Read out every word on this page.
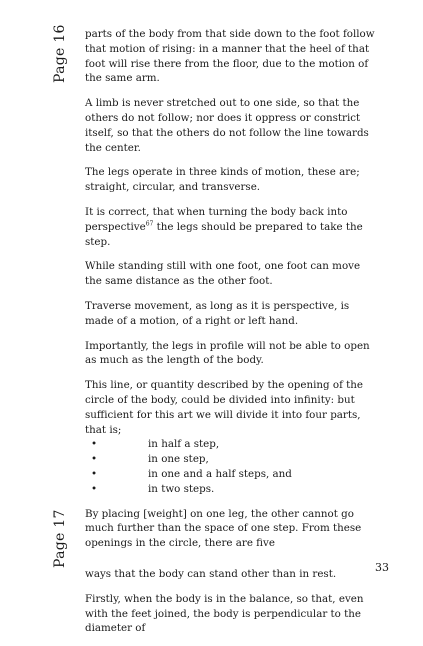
Page 16
Page 17

parts of the body from that side down to the foot follow that motion of rising: in a manner that the heel of that foot will rise there from the floor, due to the motion of the same arm.

A limb is never stretched out to one side, so that the others do not follow; nor does it oppress or constrict itself, so that the others do not follow the line towards the center.

The legs operate in three kinds of motion, these are; straight, circular, and transverse.

It is correct, that when turning the body back into perspective$^{67}$ the legs should be prepared to take the step.

While standing still with one foot, one foot can move the same distance as the other foot.

Traverse movement, as long as it is perspective, is made of a motion, of a right or left hand.

Importantly, the legs in profile will not be able to open as much as the length of the body.

This line, or quantity described by the opening of the circle of the body, could be divided into infinity: but sufficient for this art we will divide it into four parts, that is;

• in half a step,
• in one step,
• in one and a half steps, and
• in two steps.

By placing [weight] on one leg, the other cannot go much further than the space of one step. From these openings in the circle, there are five

ways that the body can stand other than in rest.

Firstly, when the body is in the balance, so that, even with the feet joined, the body is perpendicular to the diameter of

33
